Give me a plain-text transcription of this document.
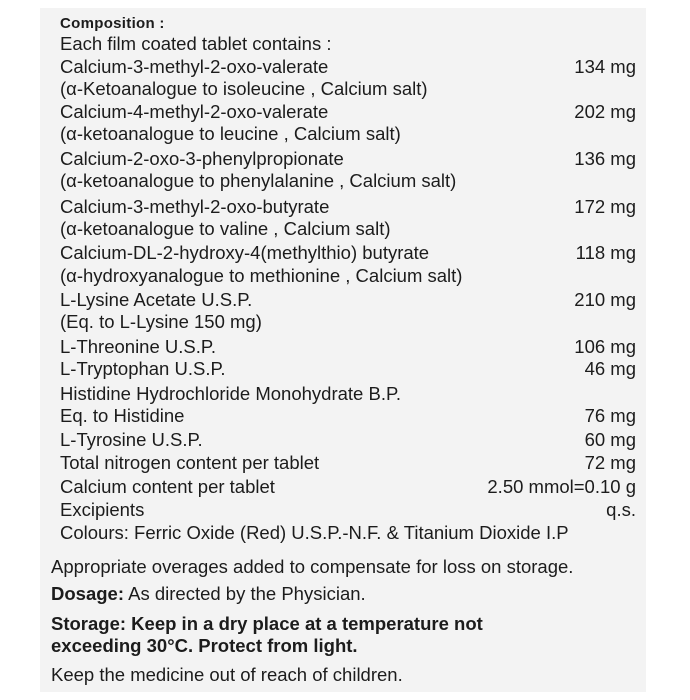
Composition :
Each film coated tablet contains :
Calcium-3-methyl-2-oxo-valerate	134 mg
(α-Ketoanalogue to isoleucine , Calcium salt)
Calcium-4-methyl-2-oxo-valerate	202 mg
(α-ketoanalogue to leucine , Calcium salt)
Calcium-2-oxo-3-phenylpropionate	136 mg
(α-ketoanalogue to phenylalanine , Calcium salt)
Calcium-3-methyl-2-oxo-butyrate	172 mg
(α-ketoanalogue to valine , Calcium salt)
Calcium-DL-2-hydroxy-4(methylthio) butyrate	118 mg
(α-hydroxyanalogue to methionine , Calcium salt)
L-Lysine Acetate U.S.P.	210 mg
(Eq. to L-Lysine 150 mg)
L-Threonine U.S.P.	106 mg
L-Tryptophan U.S.P.	46 mg
Histidine Hydrochloride Monohydrate B.P.
Eq. to Histidine	76 mg
L-Tyrosine U.S.P.	60 mg
Total nitrogen content per tablet	72 mg
Calcium content per tablet	2.50 mmol=0.10 g
Excipients	q.s.
Colours: Ferric Oxide (Red) U.S.P.-N.F. & Titanium Dioxide I.P
Appropriate overages added to compensate for loss on storage.
Dosage: As directed by the Physician.
Storage: Keep in a dry place at a temperature not
exceeding 30°C. Protect from light.
Keep the medicine out of reach of children.
